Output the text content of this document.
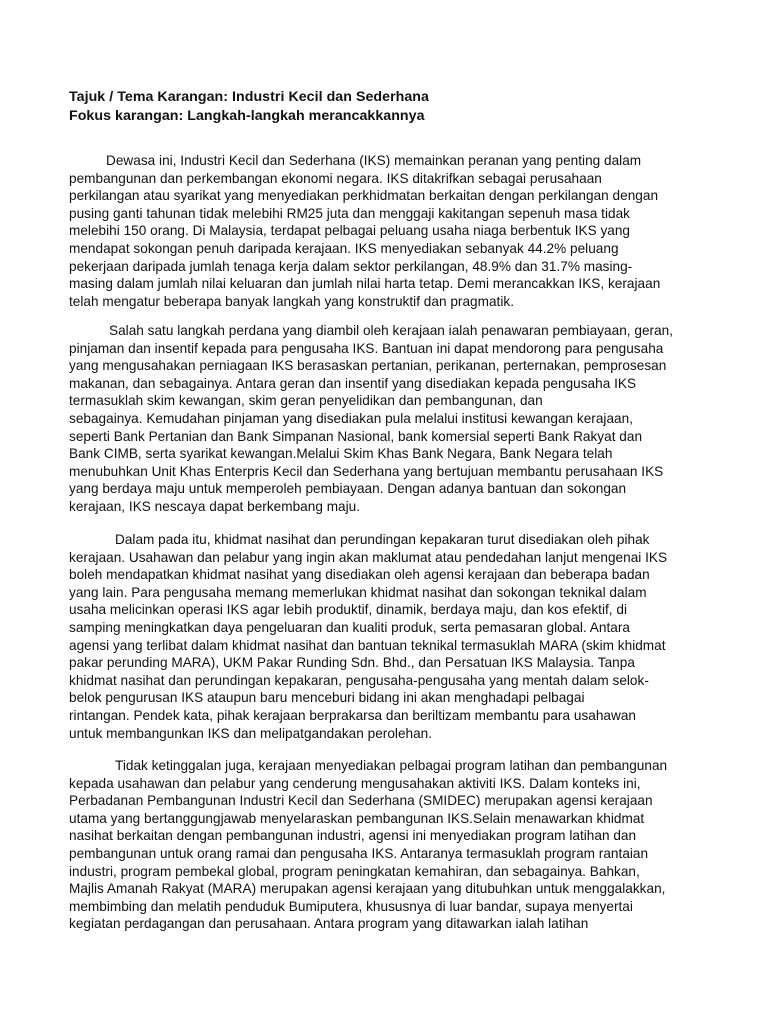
Tajuk / Tema Karangan: Industri Kecil dan Sederhana
Fokus karangan: Langkah-langkah merancakkannya
Dewasa ini, Industri Kecil dan Sederhana (IKS) memainkan peranan yang penting dalam
pembangunan dan perkembangan ekonomi negara. IKS ditakrifkan sebagai perusahaan
perkilangan atau syarikat yang menyediakan perkhidmatan berkaitan dengan perkilangan dengan
pusing ganti tahunan tidak melebihi RM25 juta dan menggaji kakitangan sepenuh masa tidak
melebihi 150 orang. Di Malaysia, terdapat pelbagai peluang usaha niaga berbentuk IKS yang
mendapat sokongan penuh daripada kerajaan. IKS menyediakan sebanyak 44.2% peluang
pekerjaan daripada jumlah tenaga kerja dalam sektor perkilangan, 48.9% dan 31.7% masing-
masing dalam jumlah nilai keluaran dan jumlah nilai harta tetap. Demi merancakkan IKS, kerajaan
telah mengatur beberapa banyak langkah yang konstruktif dan pragmatik.
Salah satu langkah perdana yang diambil oleh kerajaan ialah penawaran pembiayaan, geran,
pinjaman dan insentif kepada para pengusaha IKS. Bantuan ini dapat mendorong para pengusaha
yang mengusahakan perniagaan IKS berasaskan pertanian, perikanan, perternakan, pemprosesan
makanan, dan sebagainya. Antara geran dan insentif yang disediakan kepada pengusaha IKS
termasuklah skim kewangan, skim geran penyelidikan dan pembangunan, dan
sebagainya. Kemudahan pinjaman yang disediakan pula melalui institusi kewangan kerajaan,
seperti Bank Pertanian dan Bank Simpanan Nasional, bank komersial seperti Bank Rakyat dan
Bank CIMB, serta syarikat kewangan.Melalui Skim Khas Bank Negara, Bank Negara telah
menubuhkan Unit Khas Enterpris Kecil dan Sederhana yang bertujuan membantu perusahaan IKS
yang berdaya maju untuk memperoleh pembiayaan. Dengan adanya bantuan dan sokongan
kerajaan, IKS nescaya dapat berkembang maju.
Dalam pada itu, khidmat nasihat dan perundingan kepakaran turut disediakan oleh pihak
kerajaan. Usahawan dan pelabur yang ingin akan maklumat atau pendedahan lanjut mengenai IKS
boleh mendapatkan khidmat nasihat yang disediakan oleh agensi kerajaan dan beberapa badan
yang lain. Para pengusaha memang memerlukan khidmat nasihat dan sokongan teknikal dalam
usaha melicinkan operasi IKS agar lebih produktif, dinamik, berdaya maju, dan kos efektif, di
samping meningkatkan daya pengeluaran dan kualiti produk, serta pemasaran global. Antara
agensi yang terlibat dalam khidmat nasihat dan bantuan teknikal termasuklah MARA (skim khidmat
pakar perunding MARA), UKM Pakar Runding Sdn. Bhd., dan Persatuan IKS Malaysia. Tanpa
khidmat nasihat dan perundingan kepakaran, pengusaha-pengusaha yang mentah dalam selok-
belok pengurusan IKS ataupun baru menceburi bidang ini akan menghadapi pelbagai
rintangan. Pendek kata, pihak kerajaan berprakarsa dan beriltizam membantu para usahawan
untuk membangunkan IKS dan melipatgandakan perolehan.
Tidak ketinggalan juga, kerajaan menyediakan pelbagai program latihan dan pembangunan
kepada usahawan dan pelabur yang cenderung mengusahakan aktiviti IKS. Dalam konteks ini,
Perbadanan Pembangunan Industri Kecil dan Sederhana (SMIDEC) merupakan agensi kerajaan
utama yang bertanggungjawab menyelaraskan pembangunan IKS.Selain menawarkan khidmat
nasihat berkaitan dengan pembangunan industri, agensi ini menyediakan program latihan dan
pembangunan untuk orang ramai dan pengusaha IKS. Antaranya termasuklah program rantaian
industri, program pembekal global, program peningkatan kemahiran, dan sebagainya. Bahkan,
Majlis Amanah Rakyat (MARA) merupakan agensi kerajaan yang ditubuhkan untuk menggalakkan,
membimbing dan melatih penduduk Bumiputera, khususnya di luar bandar, supaya menyertai
kegiatan perdagangan dan perusahaan. Antara program yang ditawarkan ialah latihan
